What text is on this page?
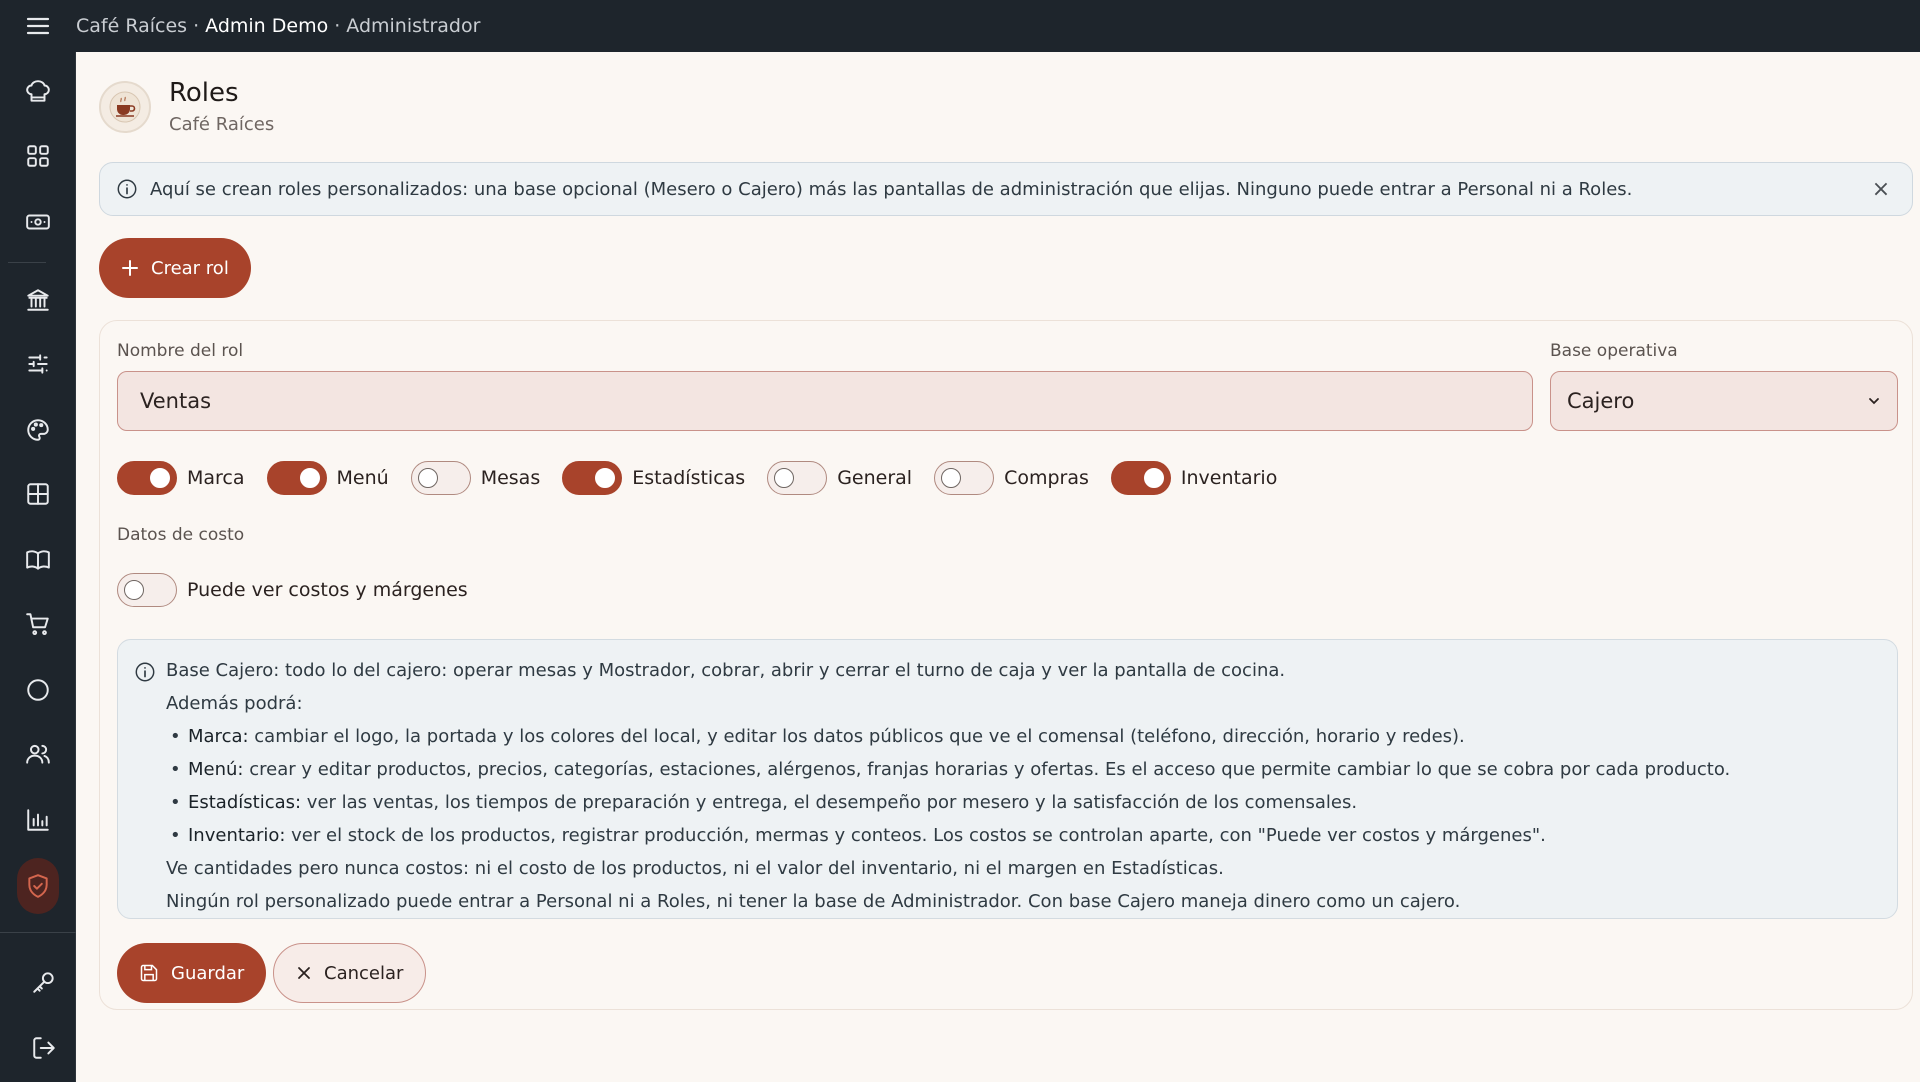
Café Raíces · Admin Demo · Administrador
Roles
Café Raíces
Aquí se crean roles personalizados: una base opcional (Mesero o Cajero) más las pantallas de administración que elijas. Ninguno puede entrar a Personal ni a Roles.	×
Crear rol
Nombre del rol
Ventas	Base operativa
Cajero
Marca	Menú	Mesas	Estadísticas	General	Compras	Inventario
Datos de costo
Puede ver costos y márgenes
Base Cajero: todo lo del cajero: operar mesas y Mostrador, cobrar, abrir y cerrar el turno de caja y ver la pantalla de cocina.
Además podrá:
• Marca: cambiar el logo, la portada y los colores del local, y editar los datos públicos que ve el comensal (teléfono, dirección, horario y redes).
• Menú: crear y editar productos, precios, categorías, estaciones, alérgenos, franjas horarias y ofertas. Es el acceso que permite cambiar lo que se cobra por cada producto.
• Estadísticas: ver las ventas, los tiempos de preparación y entrega, el desempeño por mesero y la satisfacción de los comensales.
• Inventario: ver el stock de los productos, registrar producción, mermas y conteos. Los costos se controlan aparte, con "Puede ver costos y márgenes".
Ve cantidades pero nunca costos: ni el costo de los productos, ni el valor del inventario, ni el margen en Estadísticas.
Ningún rol personalizado puede entrar a Personal ni a Roles, ni tener la base de Administrador. Con base Cajero maneja dinero como un cajero.
Guardar	Cancelar
